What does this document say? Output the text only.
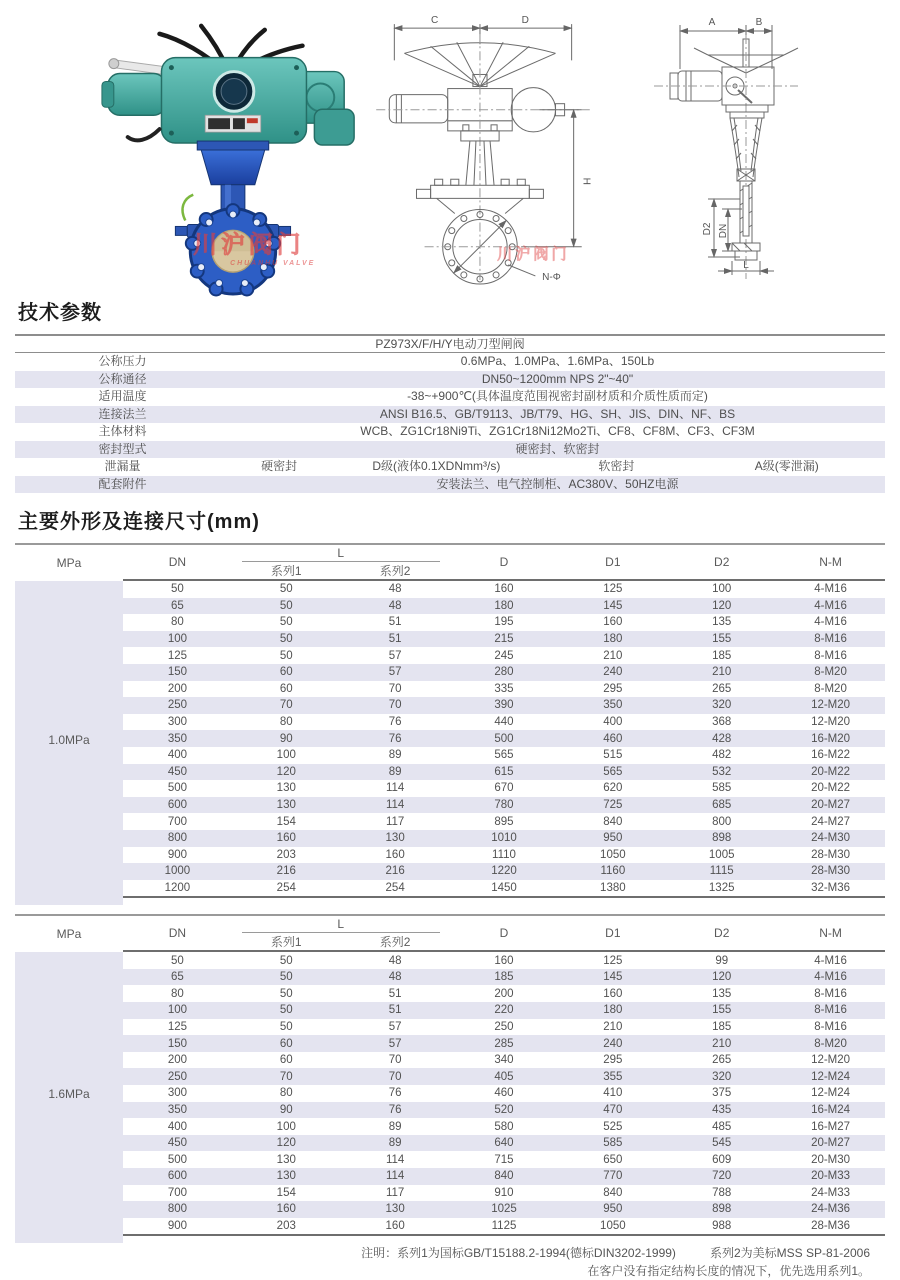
川沪阀门
CHUANHU VALVE
C	D
H
N-Φ
川沪阀门
A	B
D2 DN
L
技术参数
PZ973X/F/H/Y电动刀型闸阀
公称压力	0.6MPa、1.0MPa、1.6MPa、150Lb
公称通径	DN50~1200mm NPS 2"~40"
适用温度	-38~+900℃(具体温度范围视密封副材质和介质性质而定)
连接法兰	ANSI B16.5、GB/T9113、JB/T79、HG、SH、JIS、DIN、NF、BS
主体材料	WCB、ZG1Cr18Ni9Ti、ZG1Cr18Ni12Mo2Ti、CF8、CF8M、CF3、CF3M
密封型式	硬密封、软密封
泄漏量	硬密封	D级(液体0.1XDNmm³/s)	软密封	A级(零泄漏)
配套附件	安装法兰、电气控制柜、AC380V、50HZ电源
主要外形及连接尺寸(mm)
MPa
1.0MPa
DN
L
系列1	系列2
D	D1	D2	N-M
50	50	48	160	125	100	4-M16
65	50	48	180	145	120	4-M16
80	50	51	195	160	135	4-M16
100	50	51	215	180	155	8-M16
125	50	57	245	210	185	8-M16
150	60	57	280	240	210	8-M20
200	60	70	335	295	265	8-M20
250	70	70	390	350	320	12-M20
300	80	76	440	400	368	12-M20
350	90	76	500	460	428	16-M20
400	100	89	565	515	482	16-M22
450	120	89	615	565	532	20-M22
500	130	114	670	620	585	20-M22
600	130	114	780	725	685	20-M27
700	154	117	895	840	800	24-M27
800	160	130	1010	950	898	24-M30
900	203	160	1110	1050	1005	28-M30
1000	216	216	1220	1160	1115	28-M30
1200	254	254	1450	1380	1325	32-M36
MPa
1.6MPa
DN
L
系列1	系列2
D	D1	D2	N-M
50	50	48	160	125	99	4-M16
65	50	48	185	145	120	4-M16
80	50	51	200	160	135	8-M16
100	50	51	220	180	155	8-M16
125	50	57	250	210	185	8-M16
150	60	57	285	240	210	8-M20
200	60	70	340	295	265	12-M20
250	70	70	405	355	320	12-M24
300	80	76	460	410	375	12-M24
350	90	76	520	470	435	16-M24
400	100	89	580	525	485	16-M27
450	120	89	640	585	545	20-M27
500	130	114	715	650	609	20-M30
600	130	114	840	770	720	20-M33
700	154	117	910	840	788	24-M33
800	160	130	1025	950	898	24-M36
900	203	160	1125	1050	988	28-M36
注明：系列1为国标GB/T15188.2-1994(德标DIN3202-1999)	系列2为美标MSS SP-81-2006
在客户没有指定结构长度的情况下，优先选用系列1。
